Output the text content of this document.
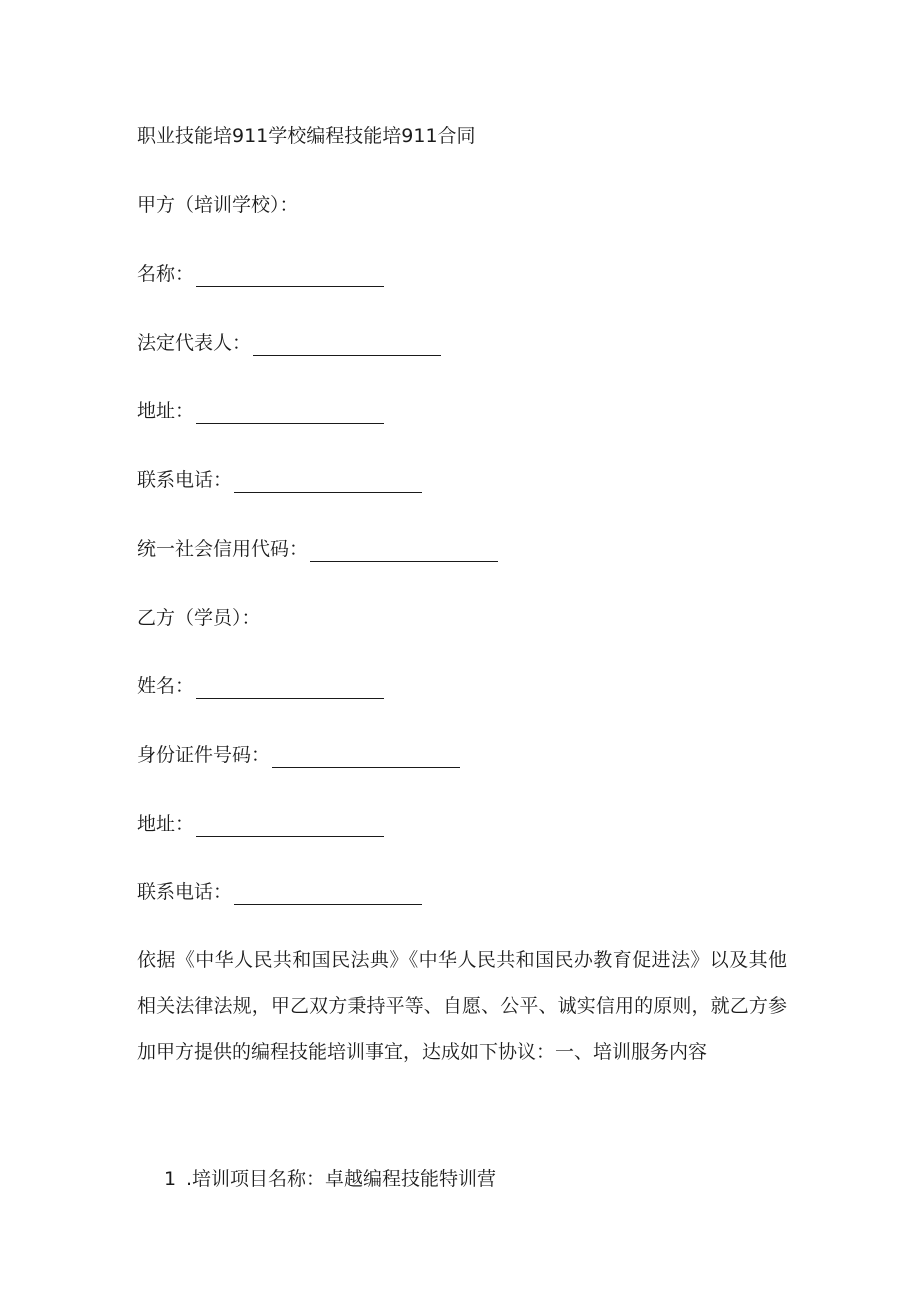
职业技能培911学校编程技能培911合同
甲方（培训学校）：
名称：
法定代表人：
地址：
联系电话：
统一社会信用代码：
乙方（学员）：
姓名：
身份证件号码：
地址：
联系电话：
依据《中华人民共和国民法典》《中华人民共和国民办教育促进法》以及其他相关法律法规，甲乙双方秉持平等、自愿、公平、诚实信用的原则，就乙方参加甲方提供的编程技能培训事宜，达成如下协议：一、培训服务内容
1 .培训项目名称：卓越编程技能特训营
